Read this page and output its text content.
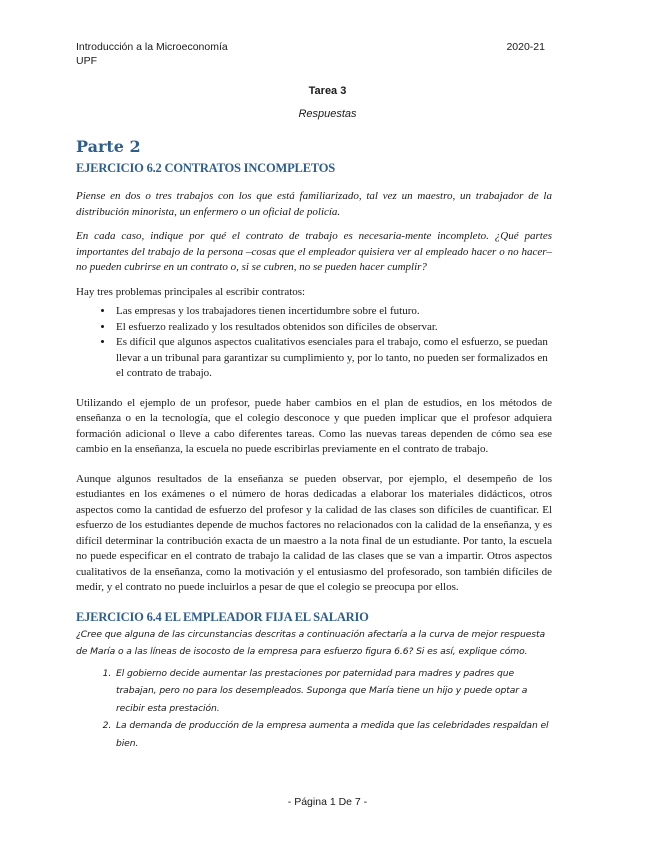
Introducción a la Microeconomía
UPF
2020-21
Tarea 3
Respuestas
Parte 2
EJERCICIO 6.2 CONTRATOS INCOMPLETOS

Piense en dos o tres trabajos con los que está familiarizado, tal vez un maestro, un trabajador de la distribución minorista, un enfermero o un oficial de policía.

En cada caso, indique por qué el contrato de trabajo es necesaria-mente incompleto. ¿Qué partes importantes del trabajo de la persona –cosas que el empleador quisiera ver al empleado hacer o no hacer– no pueden cubrirse en un contrato o, si se cubren, no se pueden hacer cumplir?

Hay tres problemas principales al escribir contratos:

• Las empresas y los trabajadores tienen incertidumbre sobre el futuro.
• El esfuerzo realizado y los resultados obtenidos son difíciles de observar.
• Es difícil que algunos aspectos cualitativos esenciales para el trabajo, como el esfuerzo, se puedan llevar a un tribunal para garantizar su cumplimiento y, por lo tanto, no pueden ser formalizados en el contrato de trabajo.

Utilizando el ejemplo de un profesor, puede haber cambios en el plan de estudios, en los métodos de enseñanza o en la tecnología, que el colegio desconoce y que pueden implicar que el profesor adquiera formación adicional o lleve a cabo diferentes tareas. Como las nuevas tareas dependen de cómo sea ese cambio en la enseñanza, la escuela no puede escribirlas previamente en el contrato de trabajo.

Aunque algunos resultados de la enseñanza se pueden observar, por ejemplo, el desempeño de los estudiantes en los exámenes o el número de horas dedicadas a elaborar los materiales didácticos, otros aspectos como la cantidad de esfuerzo del profesor y la calidad de las clases son difíciles de cuantificar. El esfuerzo de los estudiantes depende de muchos factores no relacionados con la calidad de la enseñanza, y es difícil determinar la contribución exacta de un maestro a la nota final de un estudiante. Por tanto, la escuela no puede especificar en el contrato de trabajo la calidad de las clases que se van a impartir. Otros aspectos cualitativos de la enseñanza, como la motivación y el entusiasmo del profesorado, son también difíciles de medir, y el contrato no puede incluirlos a pesar de que el colegio se preocupa por ellos.

EJERCICIO 6.4 EL EMPLEADOR FIJA EL SALARIO

¿Cree que alguna de las circunstancias descritas a continuación afectaría a la curva de mejor respuesta de María o a las líneas de isocosto de la empresa para esfuerzo figura 6.6? Si es así, explique cómo.

1. El gobierno decide aumentar las prestaciones por paternidad para madres y padres que trabajan, pero no para los desempleados. Suponga que María tiene un hijo y puede optar a recibir esta prestación.
2. La demanda de producción de la empresa aumenta a medida que las celebridades respaldan el bien.
- Página 1 De 7 -
